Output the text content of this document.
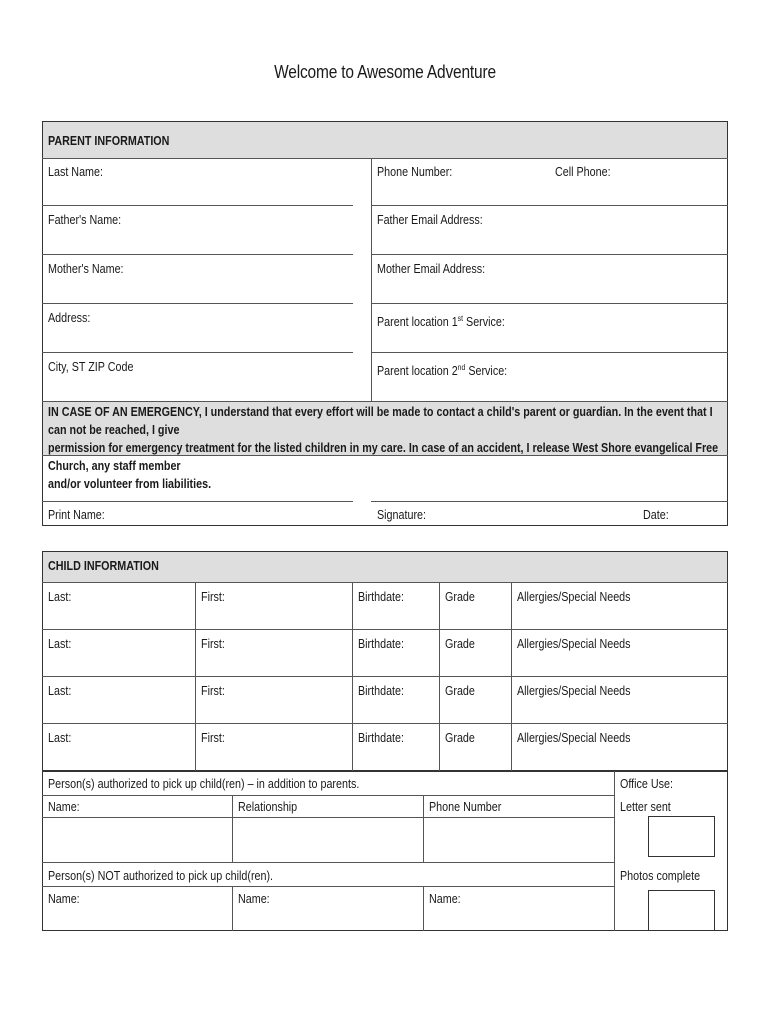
Welcome to Awesome Adventure
PARENT INFORMATION
Last Name:	Phone Number:	Cell Phone:
Father's Name:	Father Email Address:
Mother's Name:	Mother Email Address:
Address:	Parent location 1st Service:
City, ST ZIP Code	Parent location 2nd Service:
IN CASE OF AN EMERGENCY, I understand that every effort will be made to contact a child's parent or guardian. In the event that I can not be reached, I give
permission for emergency treatment for the listed children in my care. In case of an accident, I release West Shore evangelical Free Church, any staff member
and/or volunteer from liabilities.
Print Name:	Signature:	Date:
CHILD INFORMATION
Last:	First:	Birthdate:	Grade	Allergies/Special Needs
Last:	First:	Birthdate:	Grade	Allergies/Special Needs
Last:	First:	Birthdate:	Grade	Allergies/Special Needs
Last:	First:	Birthdate:	Grade	Allergies/Special Needs
Person(s) authorized to pick up child(ren) – in addition to parents.
Name:	Relationship	Phone Number
Person(s) NOT authorized to pick up child(ren).
Name:	Name:	Name:
Office Use:
Letter sent
Photos complete
